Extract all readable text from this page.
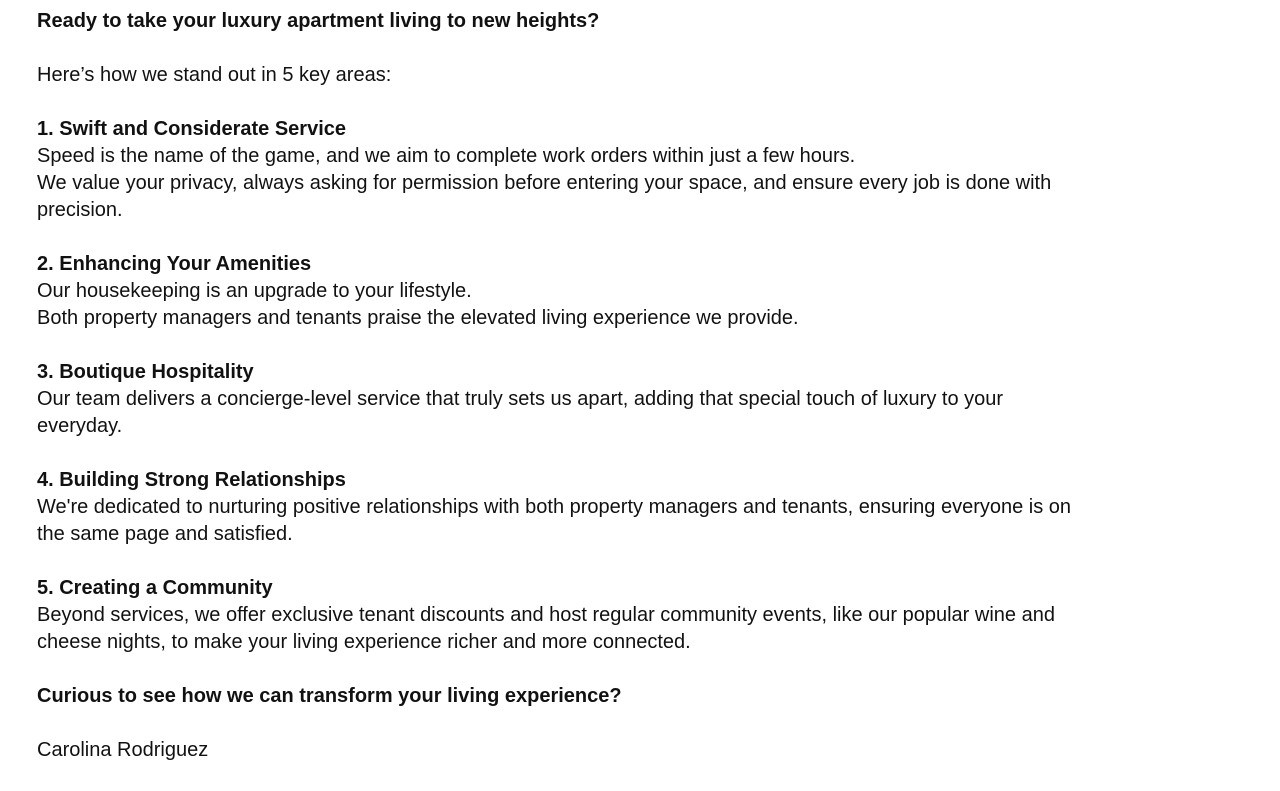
Ready to take your luxury apartment living to new heights?
Here’s how we stand out in 5 key areas:
1. Swift and Considerate Service
Speed is the name of the game, and we aim to complete work orders within just a few hours.
We value your privacy, always asking for permission before entering your space, and ensure every job is done with precision.
2. Enhancing Your Amenities
Our housekeeping is an upgrade to your lifestyle.
Both property managers and tenants praise the elevated living experience we provide.
3. Boutique Hospitality
Our team delivers a concierge-level service that truly sets us apart, adding that special touch of luxury to your everyday.
4. Building Strong Relationships
We're dedicated to nurturing positive relationships with both property managers and tenants, ensuring everyone is on the same page and satisfied.
5. Creating a Community
Beyond services, we offer exclusive tenant discounts and host regular community events, like our popular wine and cheese nights, to make your living experience richer and more connected.
Curious to see how we can transform your living experience?
Carolina Rodriguez
